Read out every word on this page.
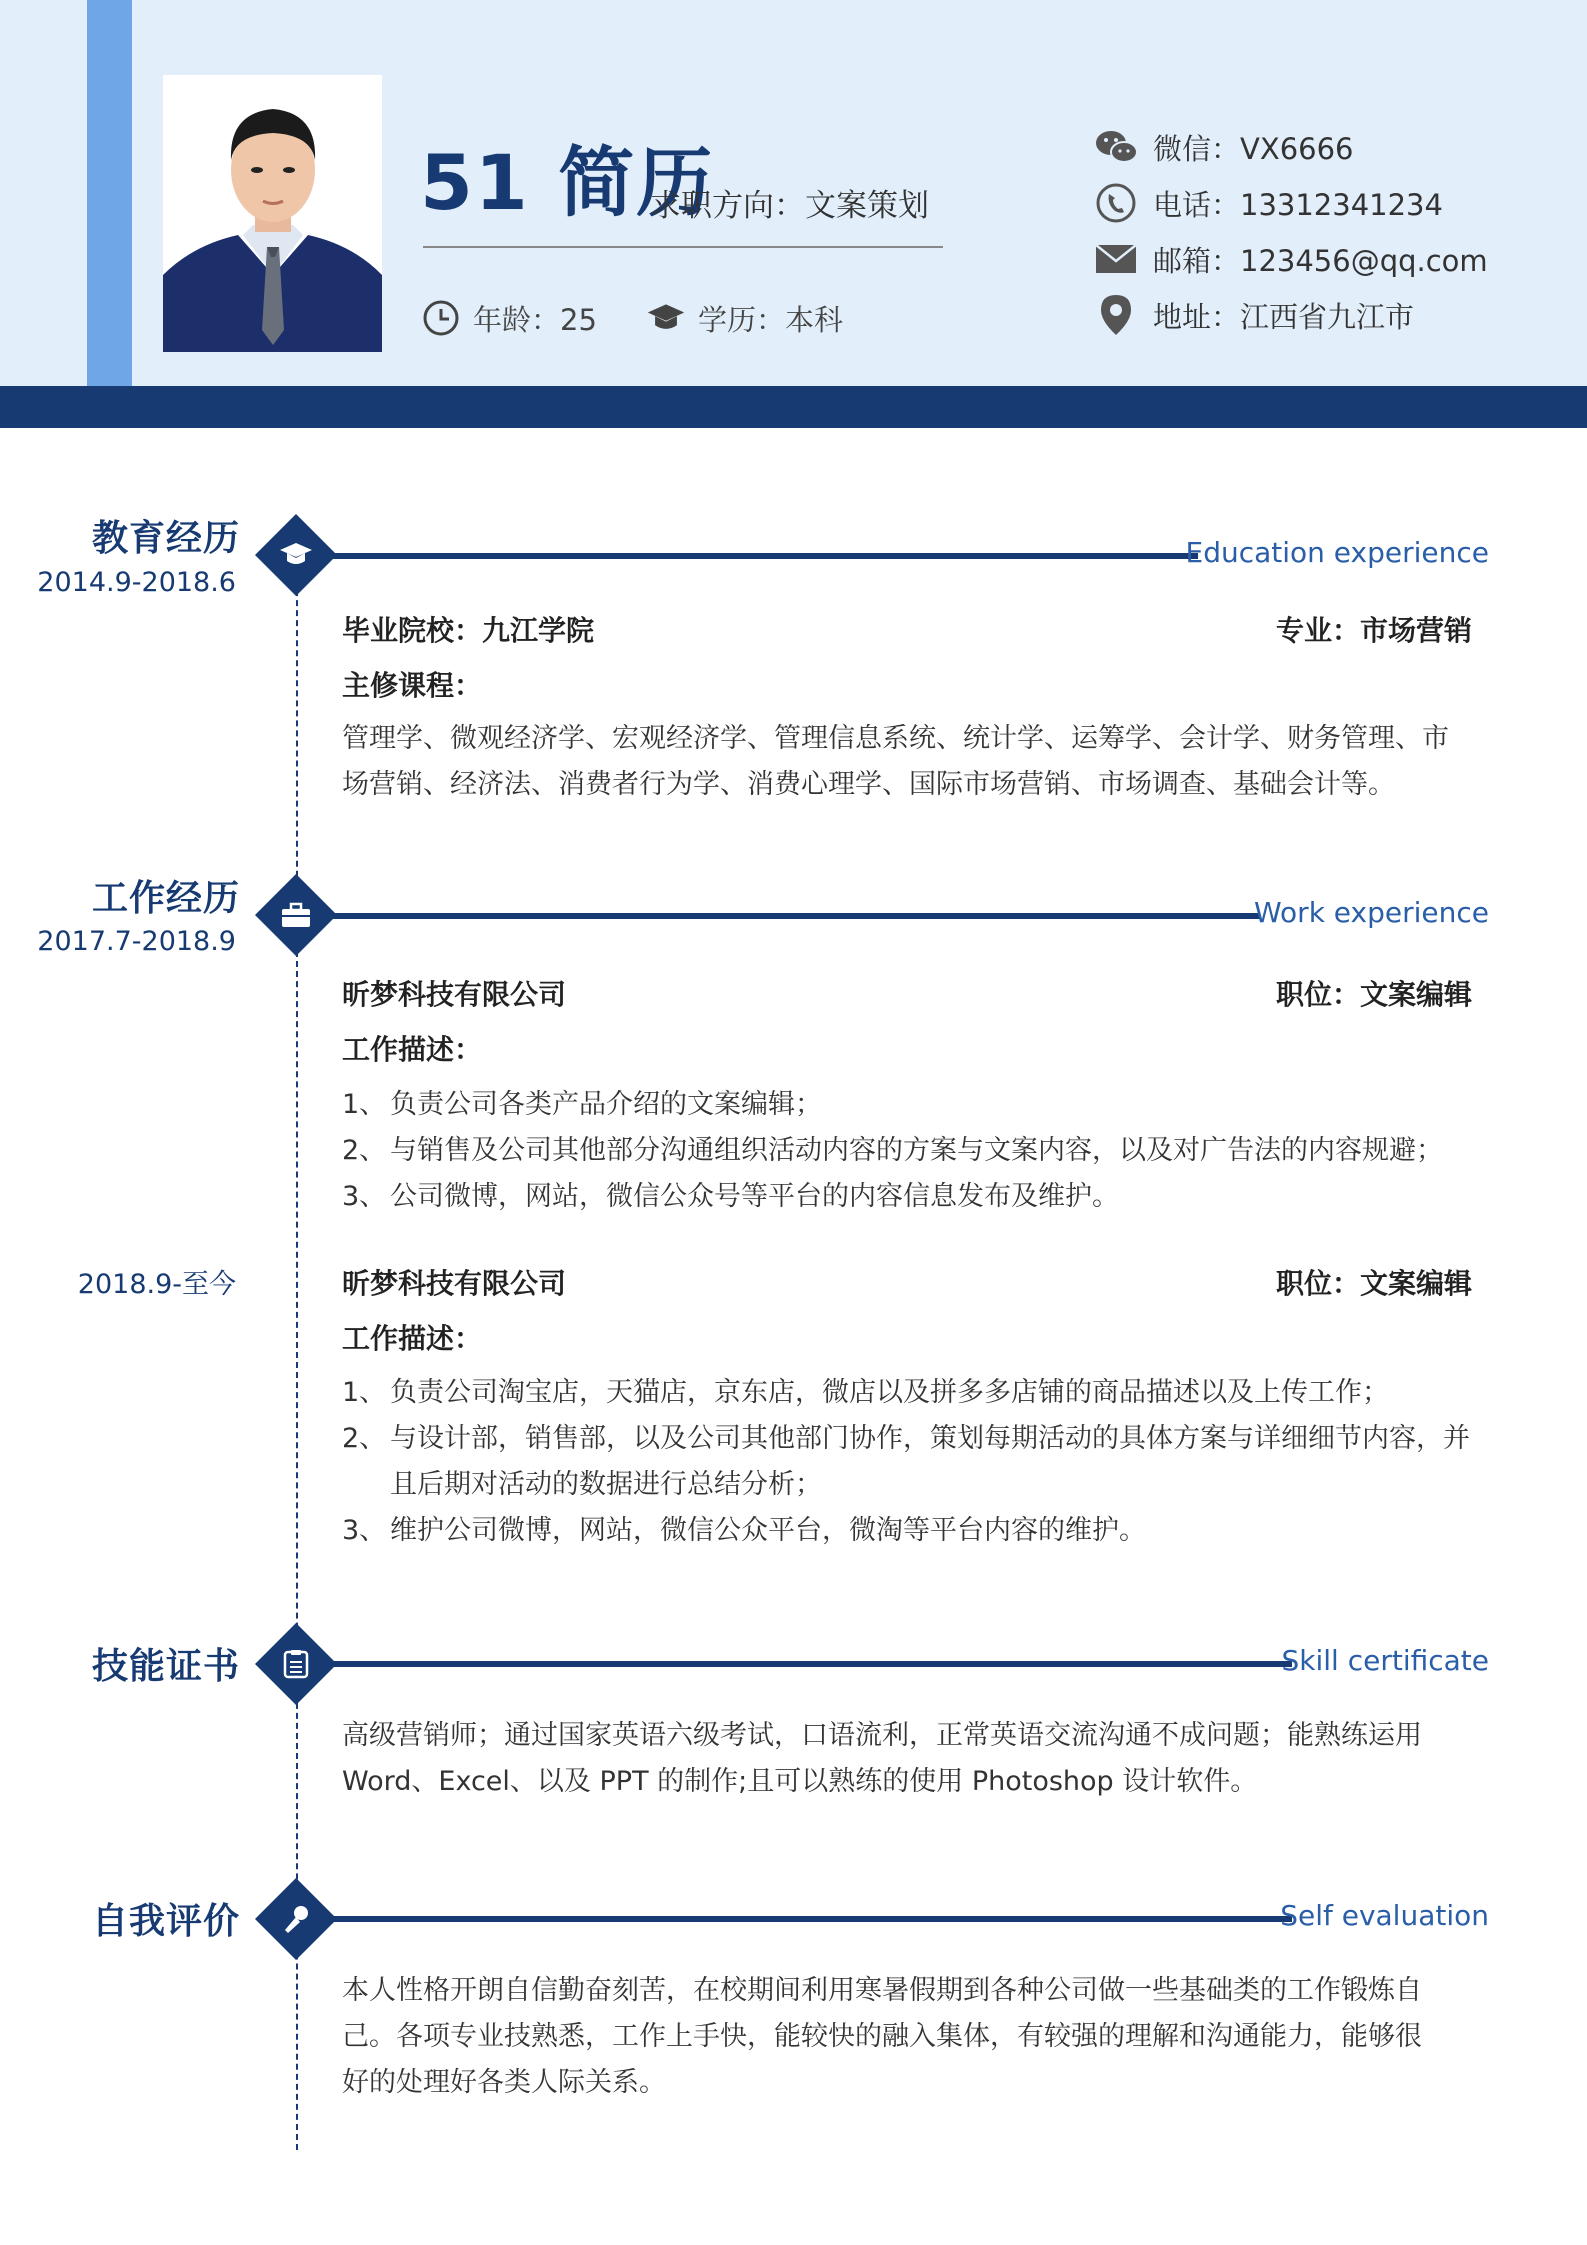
51 简历
求职方向：文案策划
年龄：25	学历：本科
微信：VX6666
电话：13312341234
邮箱：123456@qq.com
地址：江西省九江市
教育经历
2014.9-2018.6
Education experience
毕业院校：九江学院	专业：市场营销
主修课程：
管理学、微观经济学、宏观经济学、管理信息系统、统计学、运筹学、会计学、财务管理、市场营销、经济法、消费者行为学、消费心理学、国际市场营销、市场调查、基础会计等。
工作经历
2017.7-2018.9
Work experience
昕梦科技有限公司	职位：文案编辑
工作描述：
1、 负责公司各类产品介绍的文案编辑；
2、 与销售及公司其他部分沟通组织活动内容的方案与文案内容，以及对广告法的内容规避；
3、 公司微博，网站，微信公众号等平台的内容信息发布及维护。
2018.9-至今	昕梦科技有限公司	职位：文案编辑
工作描述：
1、 负责公司淘宝店，天猫店，京东店，微店以及拼多多店铺的商品描述以及上传工作；
2、 与设计部，销售部，以及公司其他部门协作，策划每期活动的具体方案与详细细节内容，并且后期对活动的数据进行总结分析；
3、 维护公司微博，网站，微信公众平台，微淘等平台内容的维护。
技能证书	Skill certificate
高级营销师；通过国家英语六级考试，口语流利，正常英语交流沟通不成问题；能熟练运用 Word、Excel、以及 PPT 的制作;且可以熟练的使用 Photoshop 设计软件。
自我评价	Self evaluation
本人性格开朗自信勤奋刻苦，在校期间利用寒暑假期到各种公司做一些基础类的工作锻炼自己。各项专业技熟悉，工作上手快，能较快的融入集体，有较强的理解和沟通能力，能够很好的处理好各类人际关系。
